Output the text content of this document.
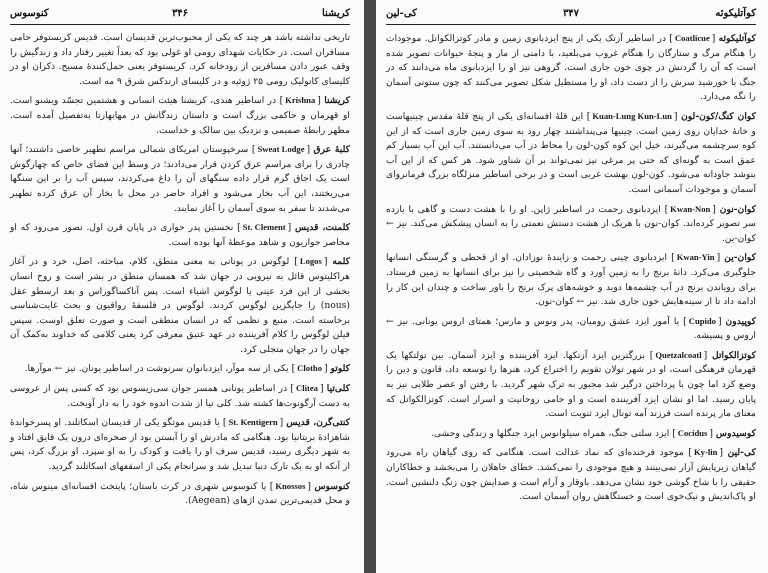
کریشنا
۳۴۶
کنوسوس

تاریخی نداشته باشد هر چند که یکی از محبوب‌ترین قدیسان است. قدیس کریستوفر حامی مسافران است. در حکایات شهدای رومی او غولی بود که بعداً تغییر رفتار داد و زندگیش را وقف عبور دادن مسافرین از رودخانه کرد. کریستوفر یعنی حمل‌کنندهٔ مسیح. ذکران او در کلیسای کاتولیک رومی ۲۵ ژوئیه و در کلیسای ارتدکس شرق ۹ مه است.

کریشنا [Krishna] در اساطیر هندی، کریشنا هیئت انسانی و هشتمین تجسّد ویشنو است. او قهرمان و حاکمی بزرگ است و داستان زندگانش در مهابهارتا به‌تفصیل آمده است. مظهر رابطهٔ صمیمی و نزدیک بین سالک و خداست.

کلبهٔ عرق [Sweat Lodge] سرخپوستان امریکای شمالی مراسم تطهیر خاصی داشتند؛ آنها چادری را برای مراسم عرق کردن قرار می‌دادند؛ در وسط این فضای خاص که چهارگوش است یک اجاق گرم قرار داده سنگهای آن را داغ می‌کردند، سپس آب را بر این سنگها می‌ریختند، این آب بخار می‌شود و افراد حاضر در محل با بخار آن عرق کرده تطهیر می‌شدند تا سفر به سوی آسمان را آغاز نمایند.

کلمنت، قدیس [St. Clement] نخستین پدر حواری در پایان قرن اول. تصور می‌رود که او محاصر حواریون و شاهد موعظهٔ آنها بوده است.

کلمه [Logos] لوگوس در یونانی به معنی منطق، کلام، مباحثه، اصل، خرد و در آغاز هراکلیتوس قائل به نیرویی در جهان شد که همسان منطق در بشر است و روح انسان بخشی از این فرد عینی یا لوگوس اشیاء است. پس آناکساگوراس و بعد ارسطو عقل (nous) را جایگزین لوگوس کردند. لوگوس در فلسفهٔ رواقیون و بحث غایت‌شناسی برخاسته است. منبع و نظمی که در انسان منطقی است و صورت تعلق اوست. سپس فیلن لوگوس را کلام آفریننده در عهد عتیق معرفی کرد یعنی کلامی که خداوند به‌کمک آن جهان را در جهان متجلی کرد.

کلوتو [Clotho] یکی از سه موآر، ایزدبانوان سرنوشت در اساطیر یونان. نیز ← موآرها.

کلی‌تیا [Clitea] در اساطیر یونانی همسر جوان سی‌زیسوس بود که کسی پس از عروسی به دست آرگونوت‌ها کشته شد. کلی تیا از شدت اندوه خود را به دار آویخت.

کنتی‌گرن، قدیس [St. Kentigern] یا قدیس موتگو یکی از قدیسان اسکاتلند. او پسرخواندهٔ شاهزادهٔ بریتانیا بود. هنگامی که مادرش او را آبستن بود از صخره‌ای درون یک قایق افتاد و به شهر دیگری رسید، قدیس سرف او را یافت و کودک را به او سپرد. او بزرگ کرد، پس از آنکه او به یک تارک دنیا تبدیل شد و سرانجام یکی از اسقفهای اسکاتلند گردید.

کنوسوس [Knossos] یا کنوسوس شهری در کرت باستان؛ پایتخت افسانه‌ای مینوس شاه، و محل قدیمی‌ترین تمدن اژهای (Aegean).

کوآتلیکوئه
۳۴۷
کی-لین

کوآتلیکوئه [Coatlicue] در اساطیر آزتک یکی از پنج ایزدبانوی زمین و مادر کوتزالکواتل. موجودات را هنگام مرگ و ستارگان را هنگام غروب می‌بلعید، با دامنی از مار و پنجهٔ حیوانات تصویر شده است که آن را گردنش در چوی خون جاری است. گروهی نیز او را ایزدبانوی ماه می‌دانند که در جنگ با خورشید سرش را از دست داد، او را مستطیل شکل تصویر می‌کنند که چون ستونی آسمان را نگه می‌دارد.

کوان کنگ/کون-لون [Kuan-Lung Kun-Lun] این قلهٔ افسانه‌ای یکی از پنج قلهٔ مقدس چینیهاست و خانهٔ خدایان روی زمین است. چینیها می‌پنداشتند چهار رود به سوی زمین جاری است که از این کوه سرچشمه می‌گیرند، خیل این کوه کون-لون را محاط در آب می‌دانستند. آب این آب بسیار کم عمق است به گونه‌ای که حتی پر مرغی نیز نمی‌تواند بر آن شناور شود. هر کس که از این آب بنوشد جاودانه می‌شود. کون-لون بهشت غربی است و در برخی اساطیر منزلگاه بزرگ فرمانروای آسمان و موجودات آسمانی است.

کوان-نون [Kwan-Non] ایزدبانوی رحمت در اساطیر ژاپن. او را با هشت دست و گاهی با یازده سر تصویر کرده‌اند. کوان-نون با هریک از هشت دستش نعمتی را به انسان پیشکش می‌کند. نیز ← کوان-ین.

کوان-ین [Kwan-Yin] ایزدبانوی چینی رحمت و زایندهٔ نوزادان. او از قحطی و گرسنگی انسانها جلوگیری می‌کرد. دانهٔ برنج را به زمین آورد و گاه شخصیتی را نیز برای انسانها به زمین فرستاد. برای رویاندن برنج در آب چشمه‌ها دوید و خوشه‌های پرک برنج را باور ساخت و چندان این کار را ادامه داد تا از سینه‌هایش خون جاری شد. نیز ← کوان-نون.

کوپیدون [Cupido] یا آمور ایزد عشق رومیان، پدر ونوس و مارس؛ همتای اروس یونانی. نیز ← اروس و پسیشه.

کوتزالکواتل [Quetzalcoatl] بزرگترین ایزد آزتکها. ایزد آفریننده و ایزد آسمان. بین تولتکها یک قهرمان فرهنگی است، او در شهر تولان تقویم را اختراع کرد، هنرها را توسعه داد، قانون و دین را وضع کرد اما چون با پرداختن درگیر شد مجبور به ترک شهر گردید. با رفتن او عصر طلایی نیز به پایان رسید. اما او نشان ایزد آفریننده است و او حامی روحانیت و اسرار است. کوتزالکواتل که معنای مار پرنده است فرزند آمه تونال ایزد ثنویت است.

کوسیدوس [Cocidus] ایزد سلتی جنگ، همراه سیلوانوس ایزد جنگلها و زندگی وحشی.

کی-لین [Ky-lin] موجود فرخنده‌ای که نماد عدالت است. هنگامی که روی گیاهان راه می‌رود گیاهان زیرپایش آزار نمی‌بینند و هیچ موجودی را نمی‌کشد. خطای جاهلان را می‌بخشد و خطاکاران حقیقی را با شاخ گوشی خود نشان می‌دهد. باوقار و آرام است و صدایش چون زنگ دلنشین است. او پاک‌اندیش و نیک‌خوی است و خستگاهش روان آسمان است.
